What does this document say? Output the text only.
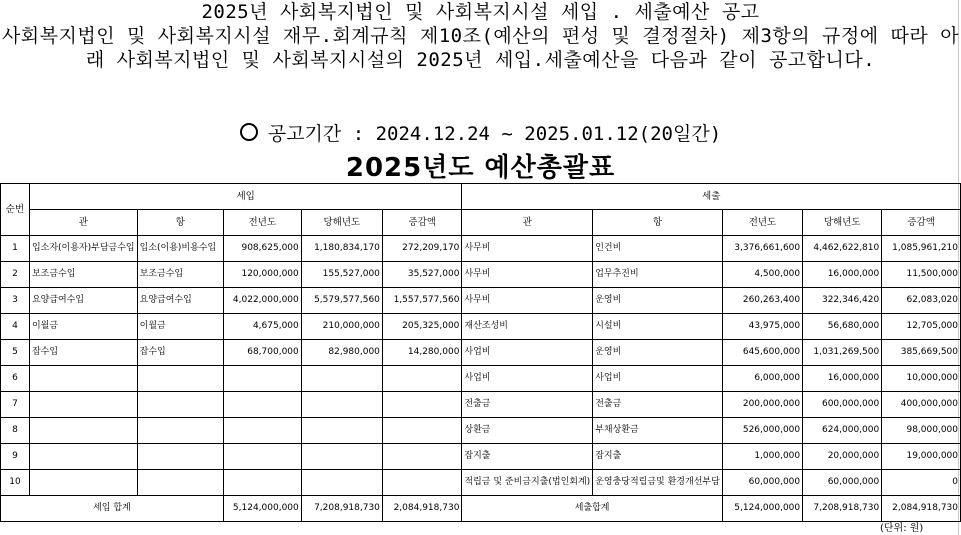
2025년 사회복지법인 및 사회복지시설 세입 . 세출예산 공고
사회복지법인 및 사회복지시설 재무.회계규칙 제10조(예산의 편성 및 결정절차) 제3항의 규정에 따라 아래 사회복지법인 및 사회복지시설의 2025년 세입.세출예산을 다음과 같이 공고합니다.
공고기간 : 2024.12.24 ~ 2025.01.12(20일간)
2025년도 예산총괄표
순번	세입					세출				
	관	항	전년도	당해년도	증감액	관	항	전년도	당해년도	증감액
1	입소자(이용자)부담금수입	입소(이용)비용수입	908,625,000	1,180,834,170	272,209,170	사무비	인건비	3,376,661,600	4,462,622,810	1,085,961,210
2	보조금수입	보조금수입	120,000,000	155,527,000	35,527,000	사무비	업무추진비	4,500,000	16,000,000	11,500,000
3	요양급여수입	요양급여수입	4,022,000,000	5,579,577,560	1,557,577,560	사무비	운영비	260,263,400	322,346,420	62,083,020
4	이월금	이월금	4,675,000	210,000,000	205,325,000	재산조성비	시설비	43,975,000	56,680,000	12,705,000
5	잡수입	잡수입	68,700,000	82,980,000	14,280,000	사업비	운영비	645,600,000	1,031,269,500	385,669,500
6						사업비	사업비	6,000,000	16,000,000	10,000,000
7						전출금	전출금	200,000,000	600,000,000	400,000,000
8						상환금	부채상환금	526,000,000	624,000,000	98,000,000
9						잡지출	잡지출	1,000,000	20,000,000	19,000,000
10						적립금 및 준비금지출(법인회계)	운영충당적립금및 환경개선부담	60,000,000	60,000,000	0
세입 합계			5,124,000,000	7,208,918,730	2,084,918,730	세출합계		5,124,000,000	7,208,918,730	2,084,918,730
(단위: 원)
